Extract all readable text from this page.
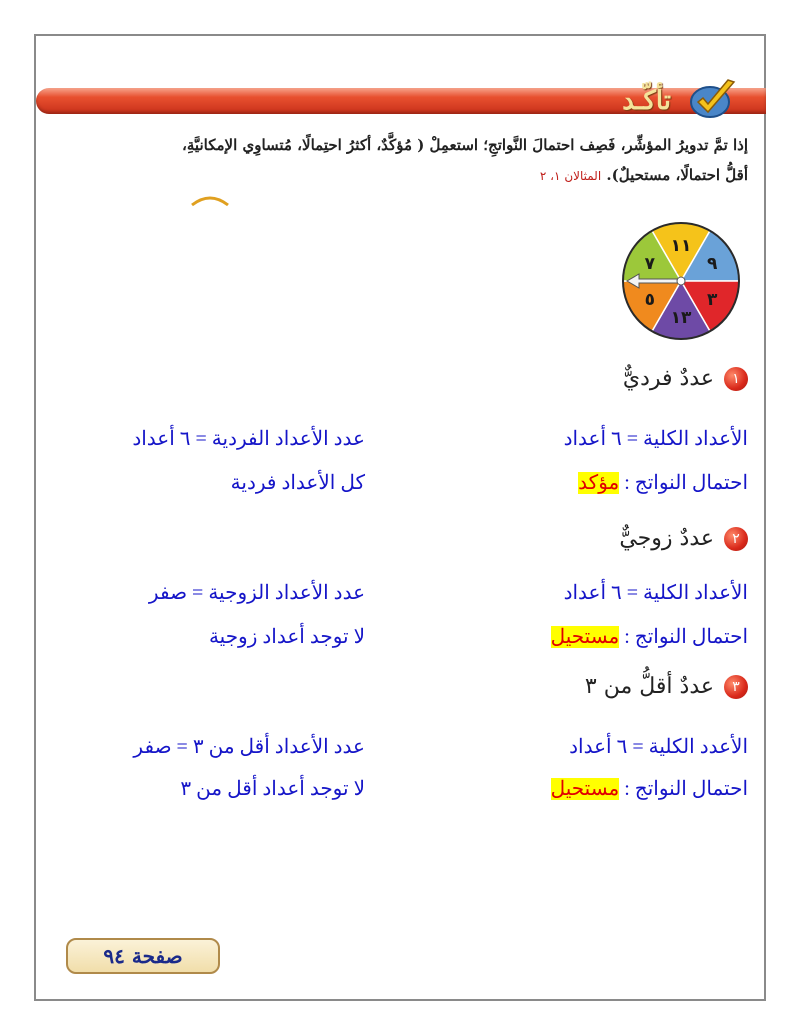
تأكّـد
إذا تمَّ تدويرُ المؤشِّر، فَصِف احتمالَ النَّواتجِ؛ استعمِلْ ( مُؤكَّدٌ، أكثرُ احتِمالًا، مُتساوِي الإمكانيَّةِ،
أقلُّ احتمالًا، مستحيلٌ). المثالان ١، ٢
١١
٩
٣
١٣
٥
٧
١
عددٌ فرديٌّ
الأعداد الكلية = ٦ أعداد
عدد الأعداد الفردية = ٦ أعداد
احتمال النواتج : مؤكد
كل الأعداد فردية
٢
عددٌ زوجيٌّ
الأعداد الكلية = ٦ أعداد
عدد الأعداد الزوجية = صفر
احتمال النواتج : مستحيل
لا توجد أعداد زوجية
٣
عددٌ أقلُّ من ٣
الأعدد الكلية = ٦ أعداد
عدد الأعداد أقل من ٣ = صفر
احتمال النواتج : مستحيل
لا توجد أعداد أقل من ٣
صفحة ٩٤
